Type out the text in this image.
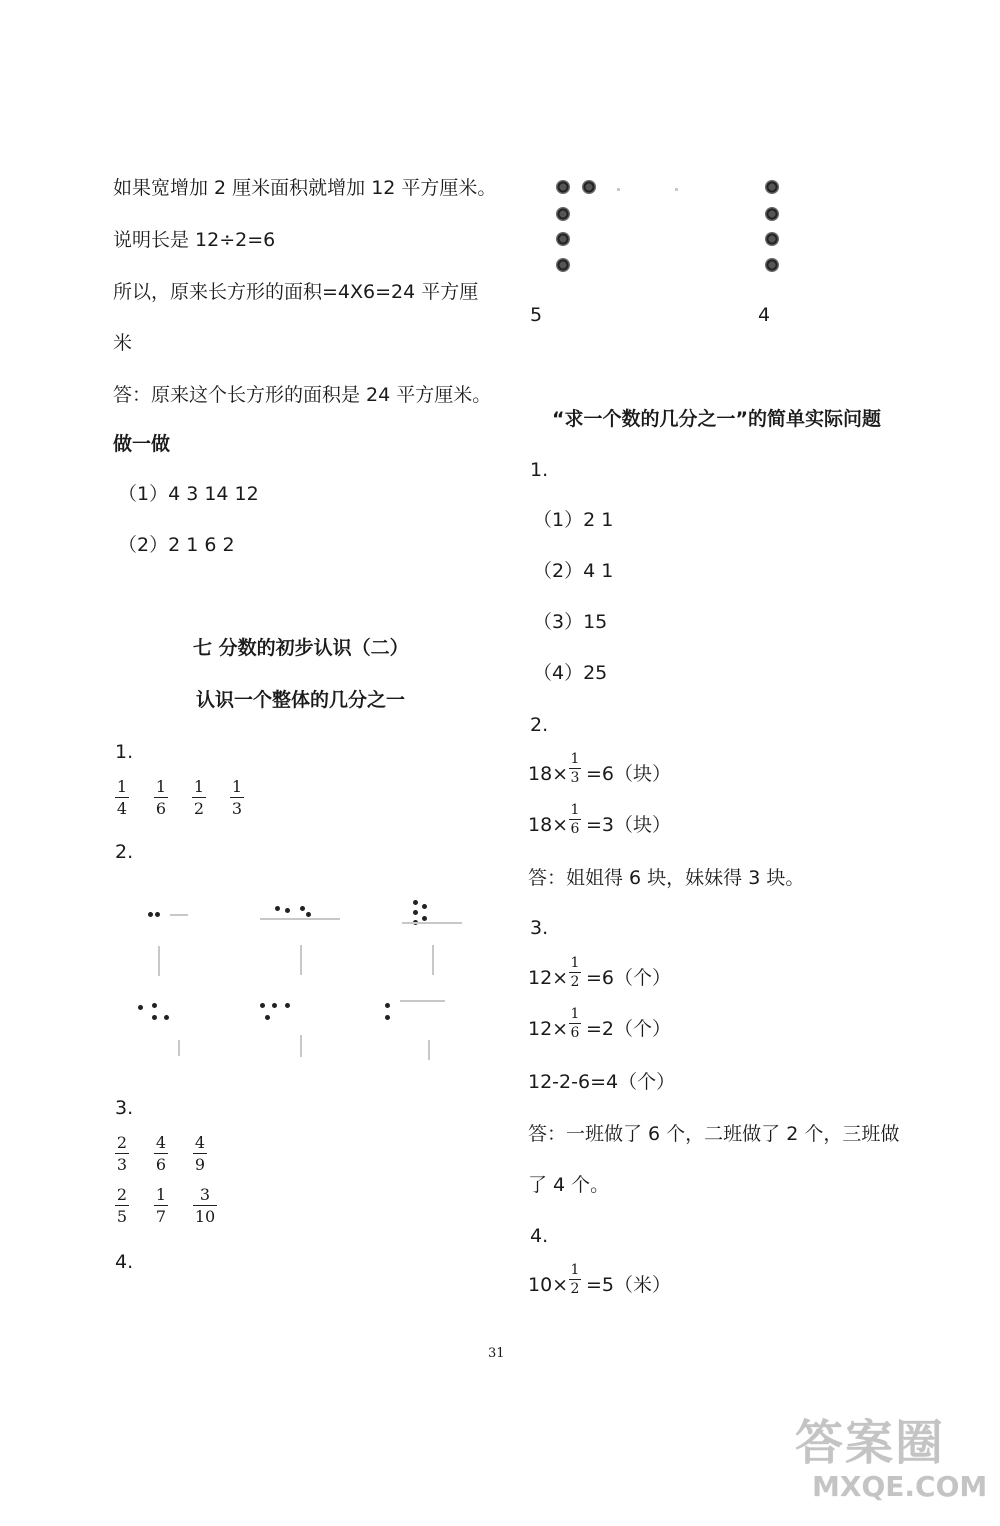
如果宽增加 2 厘米面积就增加 12 平方厘米。
说明长是 12÷2=6
所以，原来长方形的面积=4X6=24 平方厘
米
答：原来这个长方形的面积是 24 平方厘米。
做一做
（1）4 3 14 12
（2）2 1 6 2
七 分数的初步认识（二）
认识一个整体的几分之一
1.
1
4
1
6
1
2
1
3
2.
3.
2
3
4
6
4
9
2
5
1
7
3
10
4.
5	4
“求一个数的几分之一”的简单实际问题
1.
（1）2 1
（2）4 1
（3）15
（4）25
2.
18×
1
3 =6（块）
18×
1
6 =3（块）
答：姐姐得 6 块，妹妹得 3 块。
3.
12×
1
2 =6（个）
12×
1
6 =2（个）
12-2-6=4（个）
答：一班做了 6 个，二班做了 2 个，三班做
了 4 个。
4.
10×
1
2 =5（米）
31
答案圈
MXQE.COM
